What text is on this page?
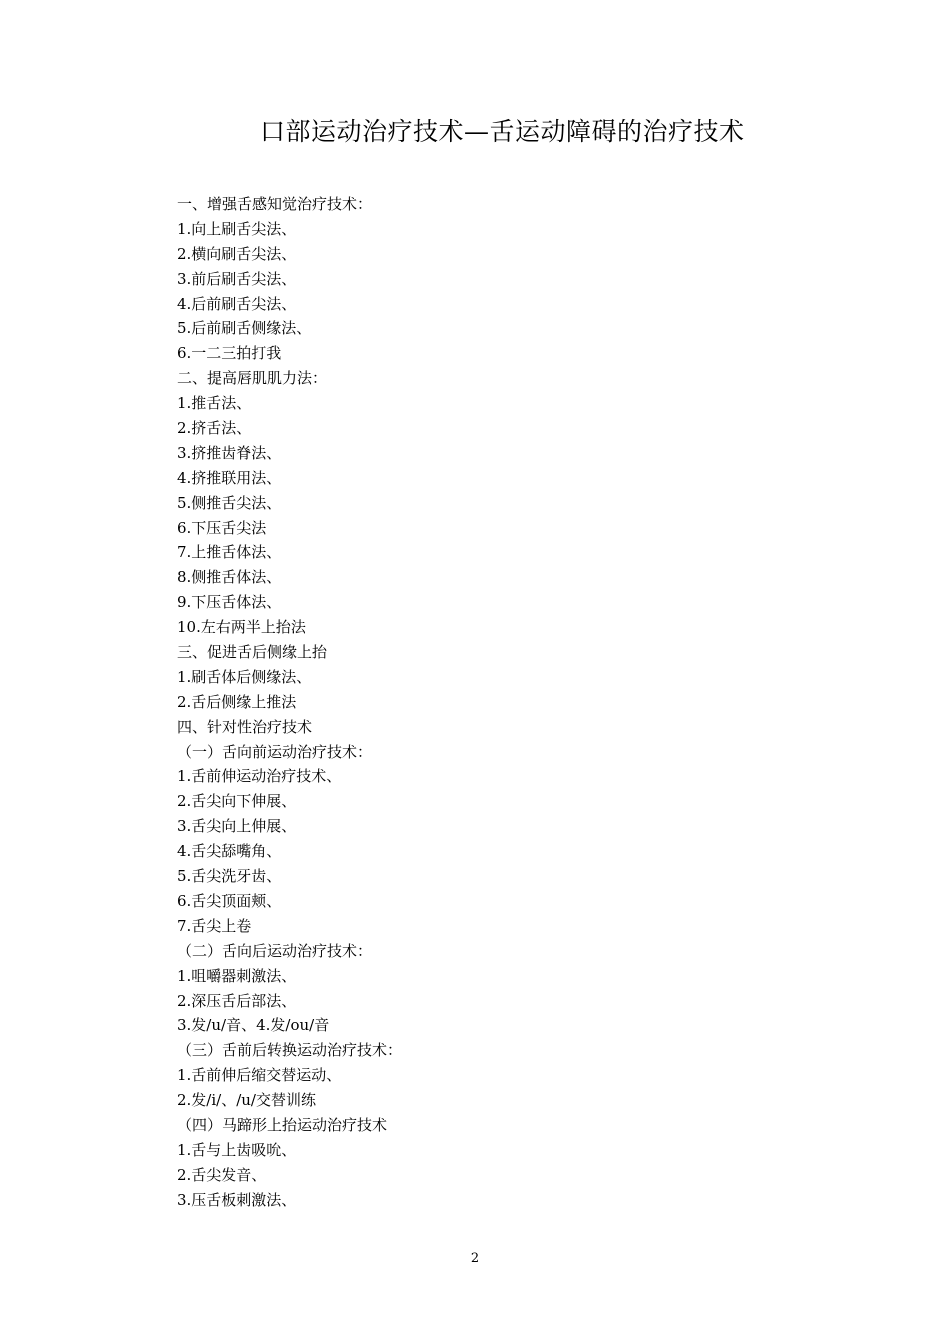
口部运动治疗技术—舌运动障碍的治疗技术
一、增强舌感知觉治疗技术：
1.向上刷舌尖法、
2.横向刷舌尖法、
3.前后刷舌尖法、
4.后前刷舌尖法、
5.后前刷舌侧缘法、
6.一二三拍打我
二、提高唇肌肌力法：
1.推舌法、
2.挤舌法、
3.挤推齿脊法、
4.挤推联用法、
5.侧推舌尖法、
6.下压舌尖法
7.上推舌体法、
8.侧推舌体法、
9.下压舌体法、
10.左右两半上抬法
三、促进舌后侧缘上抬
1.刷舌体后侧缘法、
2.舌后侧缘上推法
四、针对性治疗技术
（一）舌向前运动治疗技术：
1.舌前伸运动治疗技术、
2.舌尖向下伸展、
3.舌尖向上伸展、
4.舌尖舔嘴角、
5.舌尖洗牙齿、
6.舌尖顶面颊、
7.舌尖上卷
（二）舌向后运动治疗技术：
1.咀嚼器刺激法、
2.深压舌后部法、
3.发/u/音、4.发/ou/音
（三）舌前后转换运动治疗技术：
1.舌前伸后缩交替运动、
2.发/i/、/u/交替训练
（四）马蹄形上抬运动治疗技术
1.舌与上齿吸吮、
2.舌尖发音、
3.压舌板刺激法、
2
